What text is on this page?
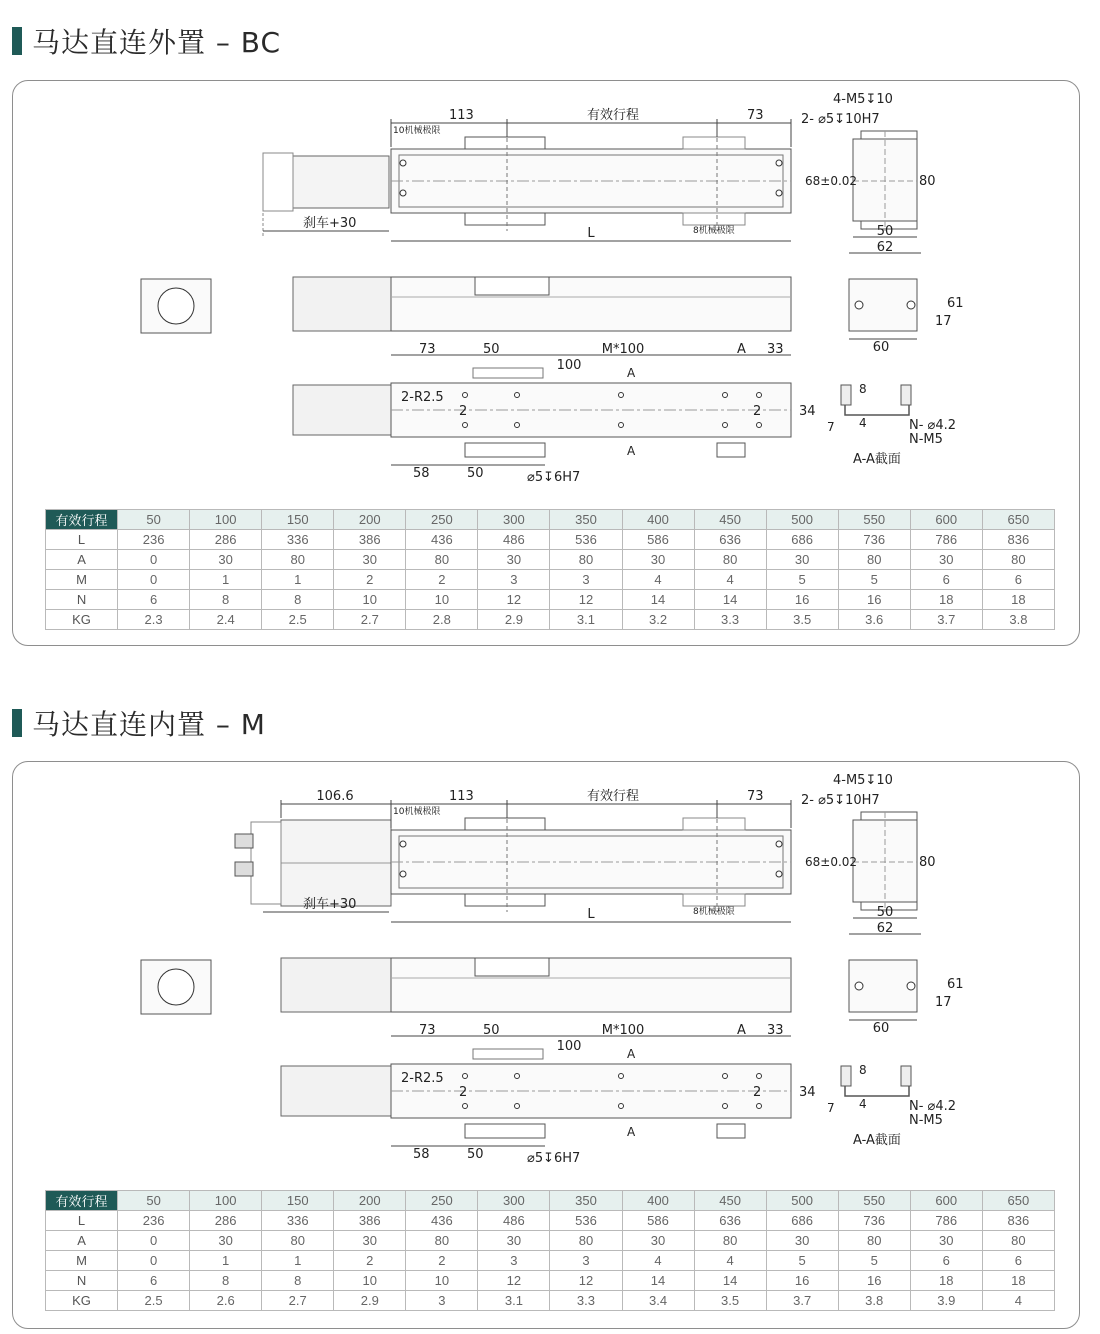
马达直连外置 – BC
113	有效行程	73
10机械极限
8机械极限
L
刹车+30
4-M5↧10
2- ⌀5↧10H7
68±0.02	80
50
62
61
17
60
73	50	M*100	A 33
100	A
A
2-R2.5
2	2	34
58	50	⌀5↧6H7
8
7 4	N- ⌀4.2
N-M5
A-A截面
有效行程	50	100	150	200	250	300	350	400	450	500	550	600	650
L	236	286	336	386	436	486	536	586	636	686	736	786	836
A	0	30	80	30	80	30	80	30	80	30	80	30	80
M	0	1	1	2	2	3	3	4	4	5	5	6	6
N	6	8	8	10	10	12	12	14	14	16	16	18	18
KG	2.3	2.4	2.5	2.7	2.8	2.9	3.1	3.2	3.3	3.5	3.6	3.7	3.8
马达直连内置 – M
113	有效行程	73
10机械极限
8机械极限
106.6
L
刹车+30
4-M5↧10
2- ⌀5↧10H7
68±0.02	80
50
62
61
17
60
73	50	M*100	A 33
100	A
A
2-R2.5
2	2	34
58	50	⌀5↧6H7
8
7 4	N- ⌀4.2
N-M5
A-A截面
有效行程	50	100	150	200	250	300	350	400	450	500	550	600	650
L	236	286	336	386	436	486	536	586	636	686	736	786	836
A	0	30	80	30	80	30	80	30	80	30	80	30	80
M	0	1	1	2	2	3	3	4	4	5	5	6	6
N	6	8	8	10	10	12	12	14	14	16	16	18	18
KG	2.5	2.6	2.7	2.9	3	3.1	3.3	3.4	3.5	3.7	3.8	3.9	4
